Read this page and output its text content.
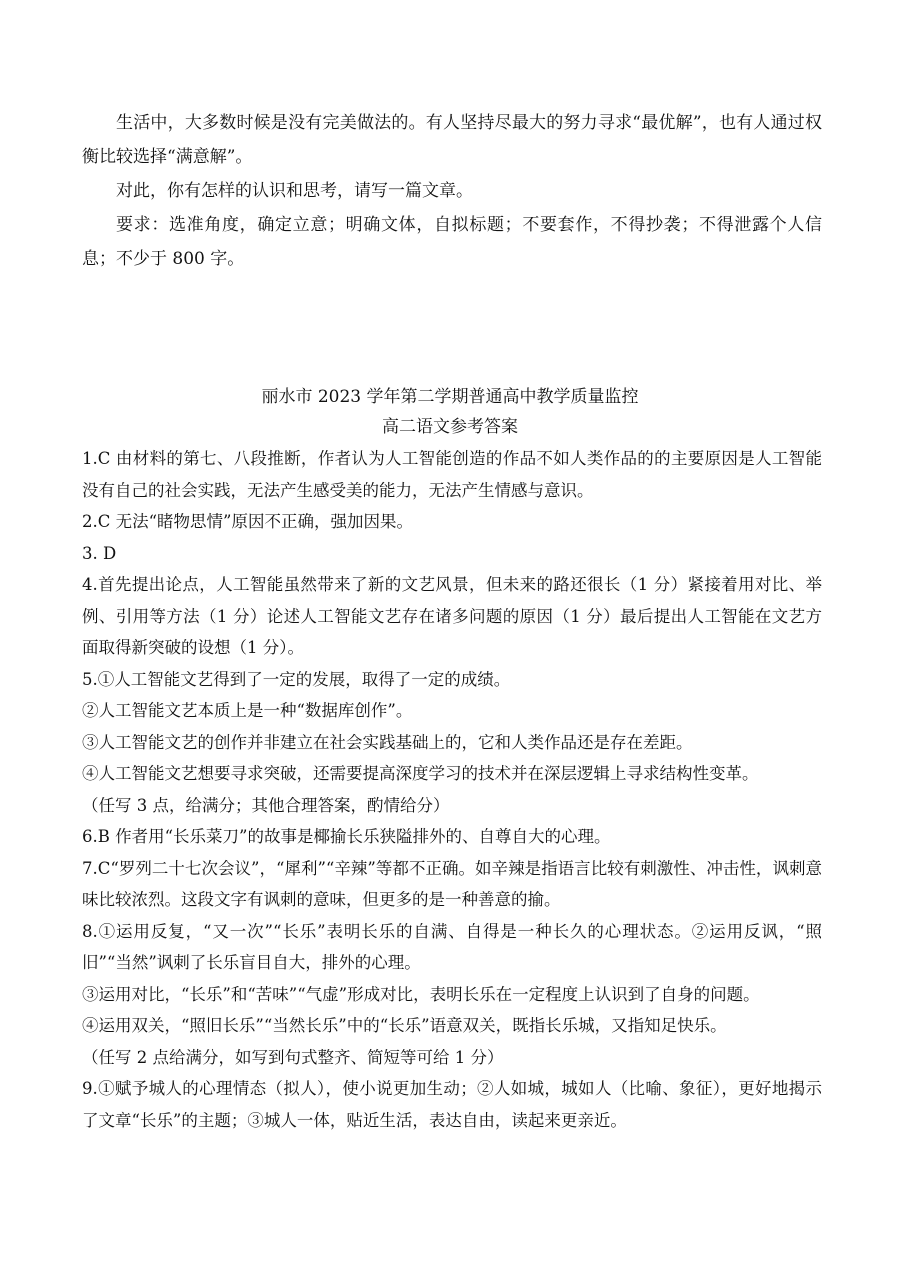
生活中，大多数时候是没有完美做法的。有人坚持尽最大的努力寻求“最优解”，也有人通过权衡比较选择“满意解”。

对此，你有怎样的认识和思考，请写一篇文章。

要求：选准角度，确定立意；明确文体，自拟标题；不要套作，不得抄袭；不得泄露个人信息；不少于 800 字。

丽水市 2023 学年第二学期普通高中教学质量监控
高二语文参考答案

1.C 由材料的第七、八段推断，作者认为人工智能创造的作品不如人类作品的的主要原因是人工智能没有自己的社会实践，无法产生感受美的能力，无法产生情感与意识。

2.C 无法“睹物思情”原因不正确，强加因果。

3. D

4.首先提出论点，人工智能虽然带来了新的文艺风景，但未来的路还很长（1 分）紧接着用对比、举例、引用等方法（1 分）论述人工智能文艺存在诸多问题的原因（1 分）最后提出人工智能在文艺方面取得新突破的设想（1 分）。

5.①人工智能文艺得到了一定的发展，取得了一定的成绩。

②人工智能文艺本质上是一种“数据库创作”。

③人工智能文艺的创作并非建立在社会实践基础上的，它和人类作品还是存在差距。

④人工智能文艺想要寻求突破，还需要提高深度学习的技术并在深层逻辑上寻求结构性变革。

（任写 3 点，给满分；其他合理答案，酌情给分）

6.B 作者用“长乐菜刀”的故事是椰揄长乐狭隘排外的、自尊自大的心理。

7.C“罗列二十七次会议”，“犀利”“辛辣”等都不正确。如辛辣是指语言比较有刺激性、冲击性，讽刺意味比较浓烈。这段文字有讽刺的意味，但更多的是一种善意的揄。

8.①运用反复，“又一次”“长乐”表明长乐的自满、自得是一种长久的心理状态。②运用反讽，“照旧”“当然”讽刺了长乐盲目自大，排外的心理。

③运用对比，“长乐”和“苦味”“气虚”形成对比，表明长乐在一定程度上认识到了自身的问题。

④运用双关，“照旧长乐”“当然长乐”中的“长乐”语意双关，既指长乐城，又指知足快乐。

（任写 2 点给满分，如写到句式整齐、简短等可给 1 分）

9.①赋予城人的心理情态（拟人），使小说更加生动；②人如城，城如人（比喻、象征），更好地揭示了文章“长乐”的主题；③城人一体，贴近生活，表达自由，读起来更亲近。
